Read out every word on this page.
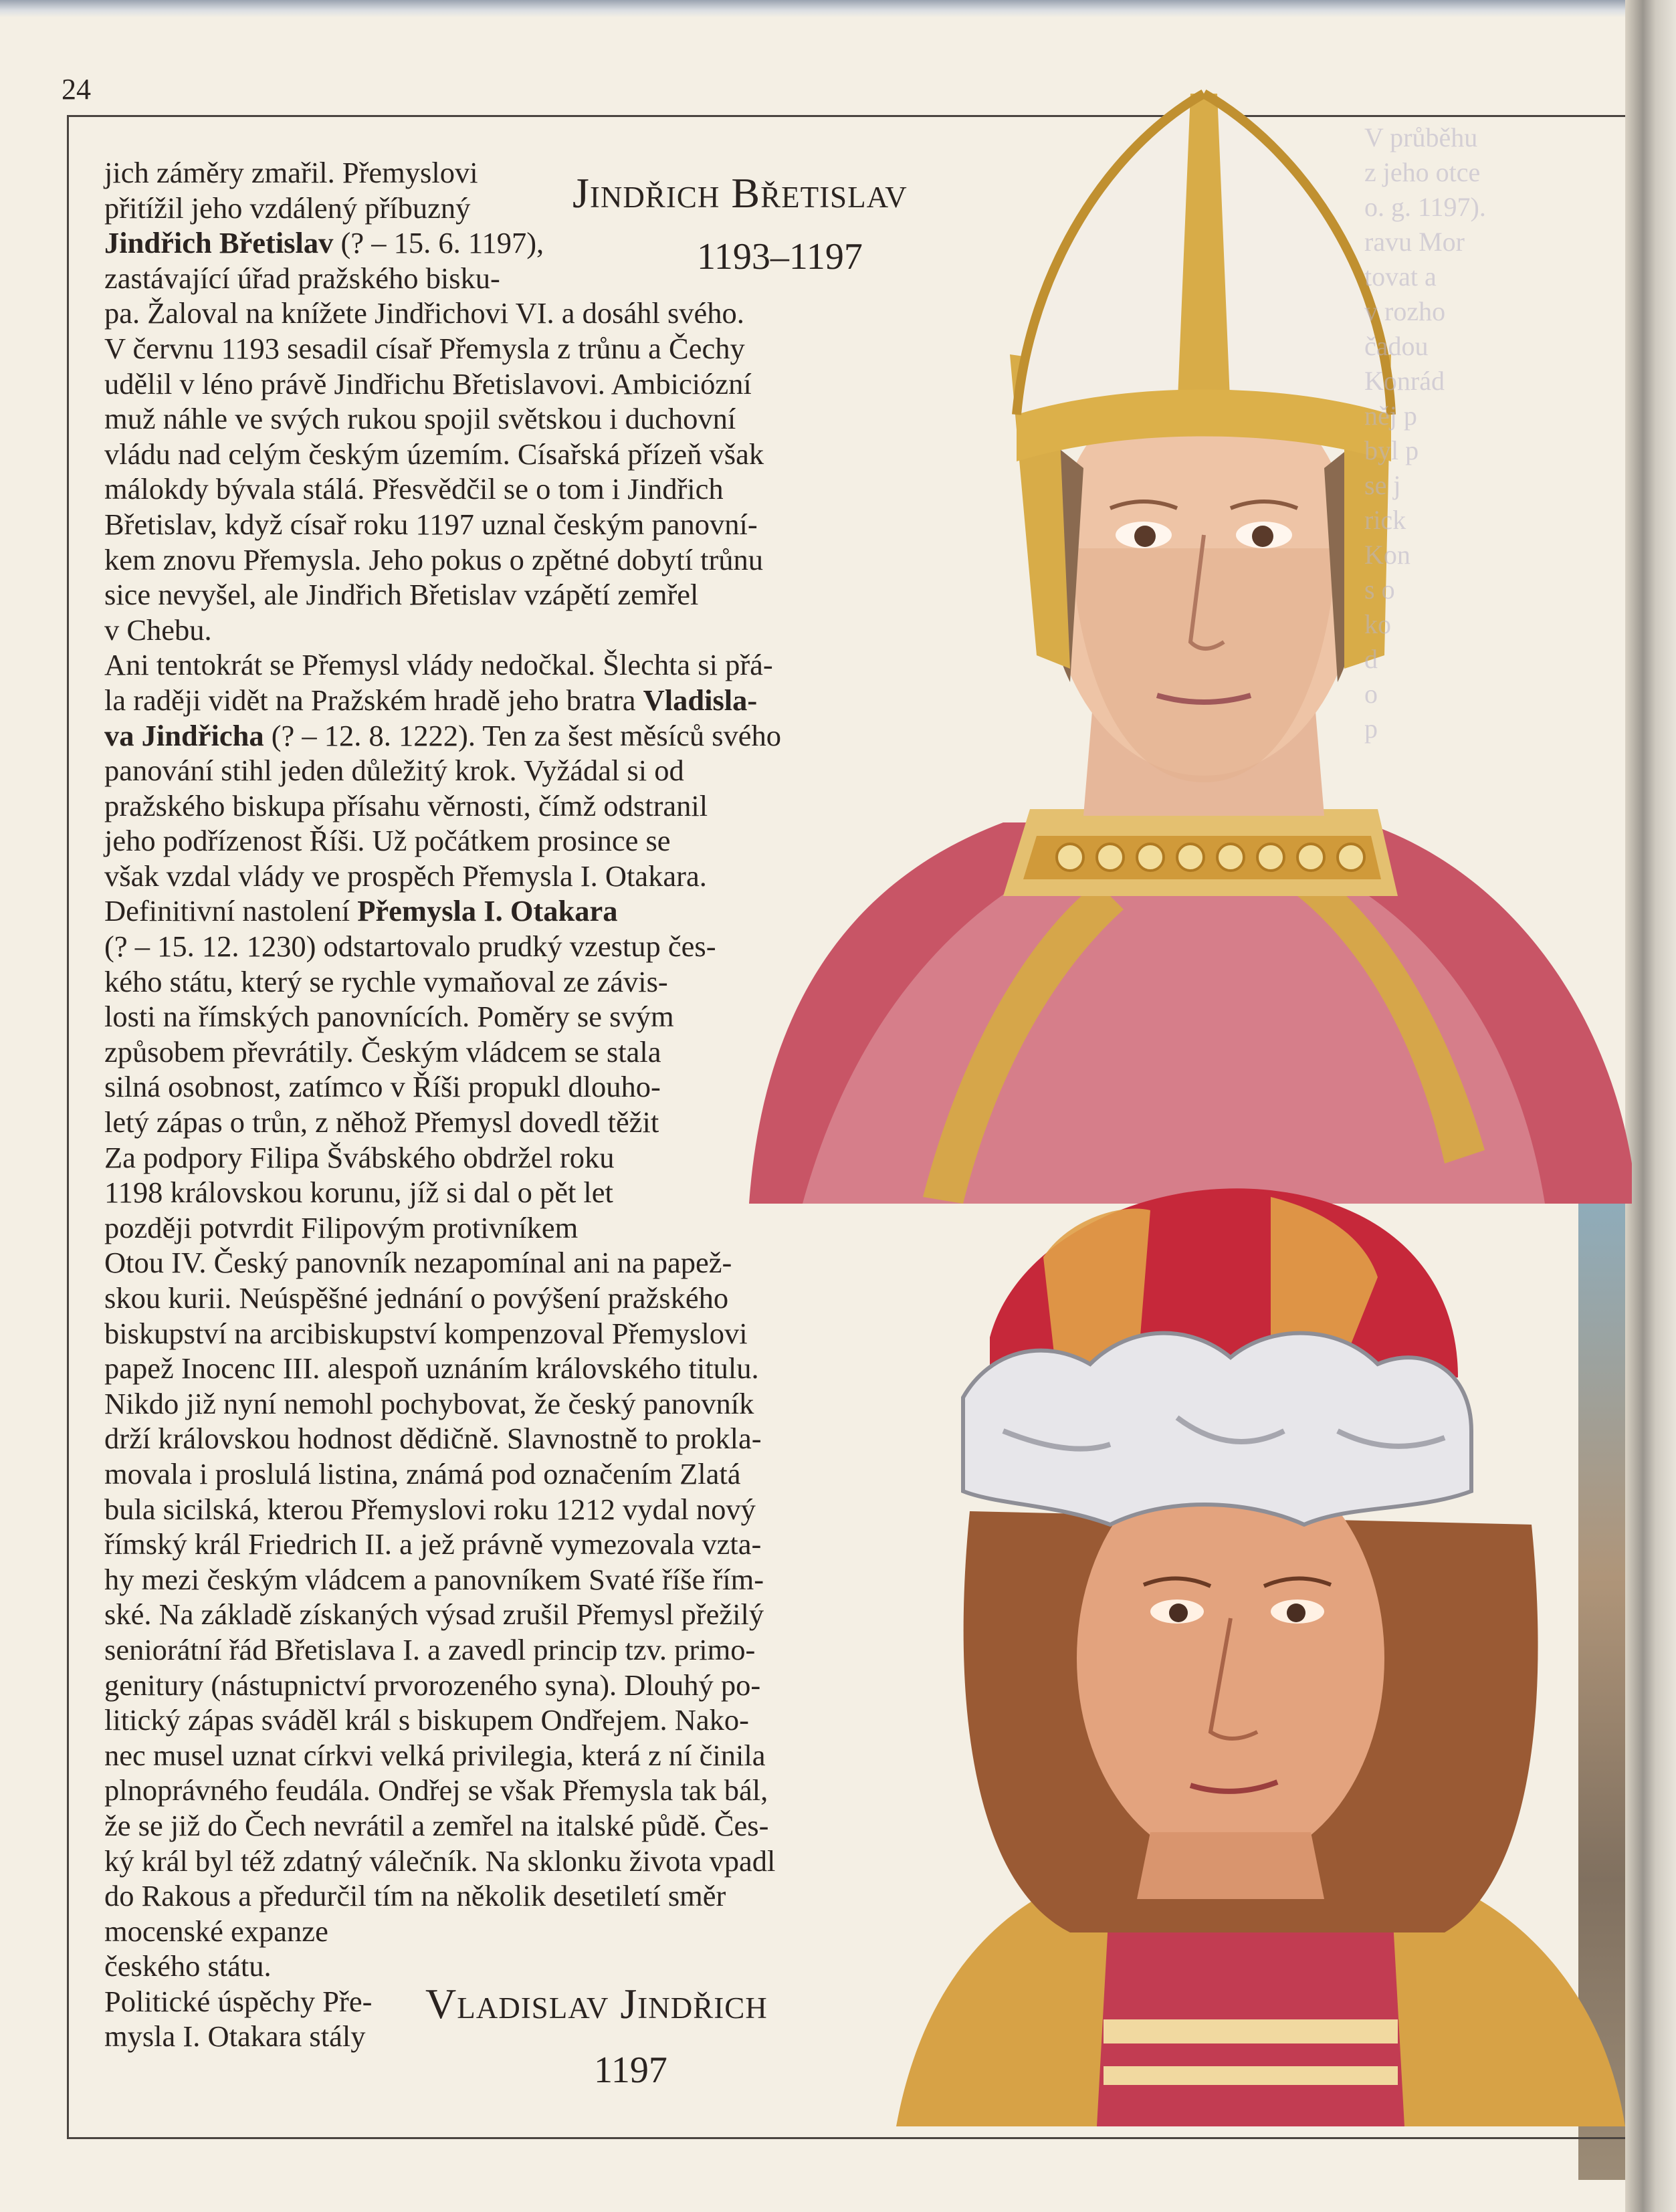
24
V průběhu
z jeho otce
o. g. 1197).
ravu Mor
tovat a
v rozho
čadou
Konrád
něj p
byl p
se j
rick
Kon
s o
ko
d
o
p
Jindřich Břetislav
1193–1197
Vladislav Jindřich
1197
jich záměry zmařil. Přemyslovi
přitížil jeho vzdálený příbuzný
Jindřich Břetislav (? – 15. 6. 1197),
zastávající úřad pražského bisku-
pa. Žaloval na knížete Jindřichovi VI. a dosáhl svého.
V červnu 1193 sesadil císař Přemysla z trůnu a Čechy
udělil v léno právě Jindřichu Břetislavovi. Ambiciózní
muž náhle ve svých rukou spojil světskou i duchovní
vládu nad celým českým územím. Císařská přízeň však
málokdy bývala stálá. Přesvědčil se o tom i Jindřich
Břetislav, když císař roku 1197 uznal českým panovní-
kem znovu Přemysla. Jeho pokus o zpětné dobytí trůnu
sice nevyšel, ale Jindřich Břetislav vzápětí zemřel
v Chebu.
Ani tentokrát se Přemysl vlády nedočkal. Šlechta si přá-
la raději vidět na Pražském hradě jeho bratra Vladisla-
va Jindřicha (? – 12. 8. 1222). Ten za šest měsíců svého
panování stihl jeden důležitý krok. Vyžádal si od
pražského biskupa přísahu věrnosti, čímž odstranil
jeho podřízenost Říši. Už počátkem prosince se
však vzdal vlády ve prospěch Přemysla I. Otakara.
Definitivní nastolení Přemysla I. Otakara
(? – 15. 12. 1230) odstartovalo prudký vzestup čes-
kého státu, který se rychle vymaňoval ze závis-
losti na římských panovnících. Poměry se svým
způsobem převrátily. Českým vládcem se stala
silná osobnost, zatímco v Říši propukl dlouho-
letý zápas o trůn, z něhož Přemysl dovedl těžit
Za podpory Filipa Švábského obdržel roku
1198 královskou korunu, jíž si dal o pět let
později potvrdit Filipovým protivníkem
Otou IV. Český panovník nezapomínal ani na papež-
skou kurii. Neúspěšné jednání o povýšení pražského
biskupství na arcibiskupství kompenzoval Přemyslovi
papež Inocenc III. alespoň uznáním královského titulu.
Nikdo již nyní nemohl pochybovat, že český panovník
drží královskou hodnost dědičně. Slavnostně to prokla-
movala i proslulá listina, známá pod označením Zlatá
bula sicilská, kterou Přemyslovi roku 1212 vydal nový
římský král Friedrich II. a jež právně vymezovala vzta-
hy mezi českým vládcem a panovníkem Svaté říše řím-
ské. Na základě získaných výsad zrušil Přemysl přežilý
seniorátní řád Břetislava I. a zavedl princip tzv. primo-
genitury (nástupnictví prvorozeného syna). Dlouhý po-
litický zápas sváděl král s biskupem Ondřejem. Nako-
nec musel uznat církvi velká privilegia, která z ní činila
plnoprávného feudála. Ondřej se však Přemysla tak bál,
že se již do Čech nevrátil a zemřel na italské půdě. Čes-
ký král byl též zdatný válečník. Na sklonku života vpadl
do Rakous a předurčil tím na několik desetiletí směr
mocenské expanze
českého státu.
Politické úspěchy Pře-
mysla I. Otakara stály
